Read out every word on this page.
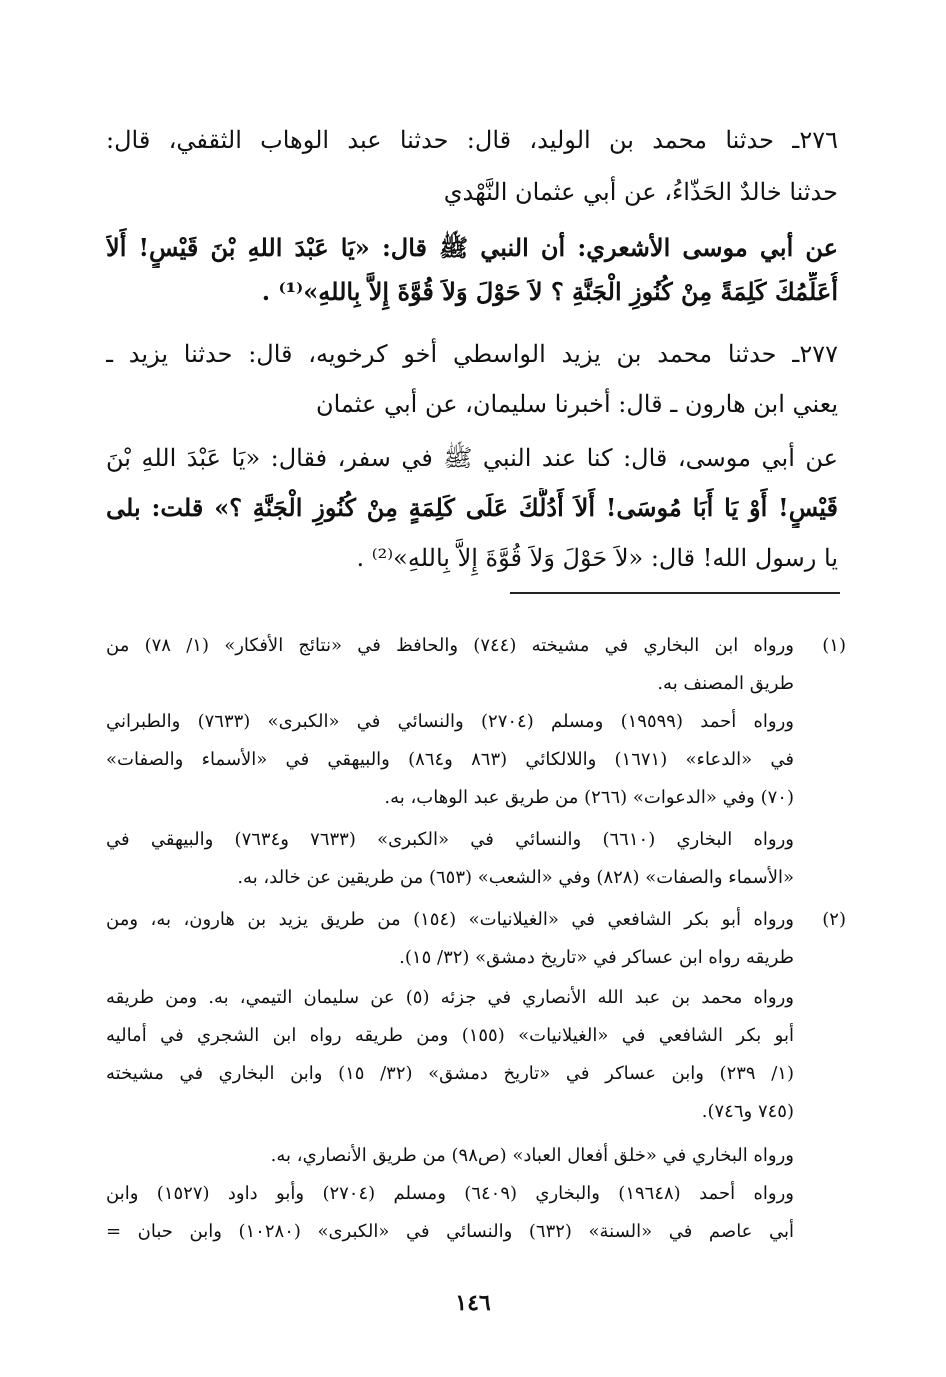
٢٧٦ـ حدثنا محمد بن الوليد، قال: حدثنا عبد الوهاب الثقفي، قال:
حدثنا خالدٌ الحَذّاءُ، عن أبي عثمان النَّهْدي
عن أبي موسى الأشعري: أن النبي ﷺ قال: «يَا عَبْدَ اللهِ بْنَ قَيْسٍ! أَلاَ
أُعَلِّمُكَ كَلِمَةً مِنْ كُنُوزِ الْجَنَّةِ ؟ لاَ حَوْلَ وَلاَ قُوَّةَ إِلاَّ بِاللهِ»⁽¹⁾ .
٢٧٧ـ حدثنا محمد بن يزيد الواسطي أخو كرخويه، قال: حدثنا يزيد ـ
يعني ابن هارون ـ قال: أخبرنا سليمان، عن أبي عثمان
عن أبي موسى، قال: كنا عند النبي ﷺ في سفر، فقال: «يَا عَبْدَ اللهِ بْنَ
قَيْسٍ! أَوْ يَا أَبَا مُوسَى! أَلاَ أَدُلُّكَ عَلَى كَلِمَةٍ مِنْ كُنُوزِ الْجَنَّةِ ؟» قلت: بلى
يا رسول الله! قال: «لاَ حَوْلَ وَلاَ قُوَّةَ إِلاَّ بِاللهِ»⁽²⁾ .
(١)
ورواه ابن البخاري في مشيخته (٧٤٤) والحافظ في «نتائج الأفكار» (١/ ٧٨) من
طريق المصنف به.
ورواه أحمد (١٩٥٩٩) ومسلم (٢٧٠٤) والنسائي في «الكبرى» (٧٦٣٣) والطبراني
في «الدعاء» (١٦٧١) واللالكائي (٨٦٣ و٨٦٤) والبيهقي في «الأسماء والصفات»
(٧٠) وفي «الدعوات» (٢٦٦) من طريق عبد الوهاب، به.
ورواه البخاري (٦٦١٠) والنسائي في «الكبرى» (٧٦٣٣ و٧٦٣٤) والبيهقي في
«الأسماء والصفات» (٨٢٨) وفي «الشعب» (٦٥٣) من طريقين عن خالد، به.
(٢)
ورواه أبو بكر الشافعي في «الغيلانيات» (١٥٤) من طريق يزيد بن هارون، به، ومن
طريقه رواه ابن عساكر في «تاريخ دمشق» (٣٢/ ١٥).
ورواه محمد بن عبد الله الأنصاري في جزئه (٥) عن سليمان التيمي، به. ومن طريقه
أبو بكر الشافعي في «الغيلانيات» (١٥٥) ومن طريقه رواه ابن الشجري في أماليه
(١/ ٢٣٩) وابن عساكر في «تاريخ دمشق» (٣٢/ ١٥) وابن البخاري في مشيخته
(٧٤٥ و٧٤٦).
ورواه البخاري في «خلق أفعال العباد» (ص٩٨) من طريق الأنصاري، به.
ورواه أحمد (١٩٦٤٨) والبخاري (٦٤٠٩) ومسلم (٢٧٠٤) وأبو داود (١٥٢٧) وابن
أبي عاصم في «السنة» (٦٣٢) والنسائي في «الكبرى» (١٠٢٨٠) وابن حبان =
١٤٦
